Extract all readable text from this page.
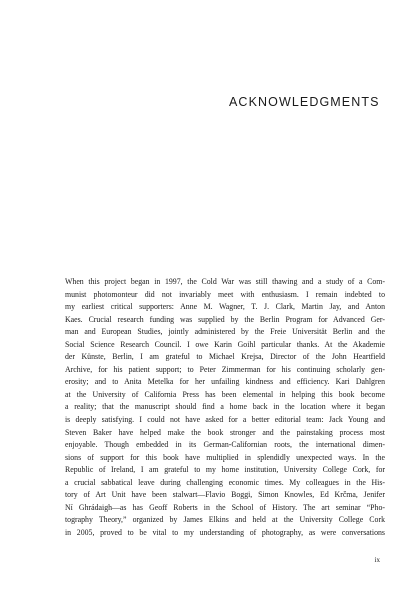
ACKNOWLEDGMENTS
When this project began in 1997, the Cold War was still thawing and a study of a Com-
munist photomonteur did not invariably meet with enthusiasm. I remain indebted to
my earliest critical supporters: Anne M. Wagner, T. J. Clark, Martin Jay, and Anton
Kaes. Crucial research funding was supplied by the Berlin Program for Advanced Ger-
man and European Studies, jointly administered by the Freie Universität Berlin and the
Social Science Research Council. I owe Karin Goihl particular thanks. At the Akademie
der Künste, Berlin, I am grateful to Michael Krejsa, Director of the John Heartfield
Archive, for his patient support; to Peter Zimmerman for his continuing scholarly gen-
erosity; and to Anita Metelka for her unfailing kindness and efficiency. Kari Dahlgren
at the University of California Press has been elemental in helping this book become
a reality; that the manuscript should find a home back in the location where it began
is deeply satisfying. I could not have asked for a better editorial team: Jack Young and
Steven Baker have helped make the book stronger and the painstaking process most
enjoyable. Though embedded in its German-Californian roots, the international dimen-
sions of support for this book have multiplied in splendidly unexpected ways. In the
Republic of Ireland, I am grateful to my home institution, University College Cork, for
a crucial sabbatical leave during challenging economic times. My colleagues in the His-
tory of Art Unit have been stalwart—Flavio Boggi, Simon Knowles, Ed Krčma, Jenifer
Ní Ghrádaigh—as has Geoff Roberts in the School of History. The art seminar “Pho-
tography Theory,” organized by James Elkins and held at the University College Cork
in 2005, proved to be vital to my understanding of photography, as were conversations
ix
